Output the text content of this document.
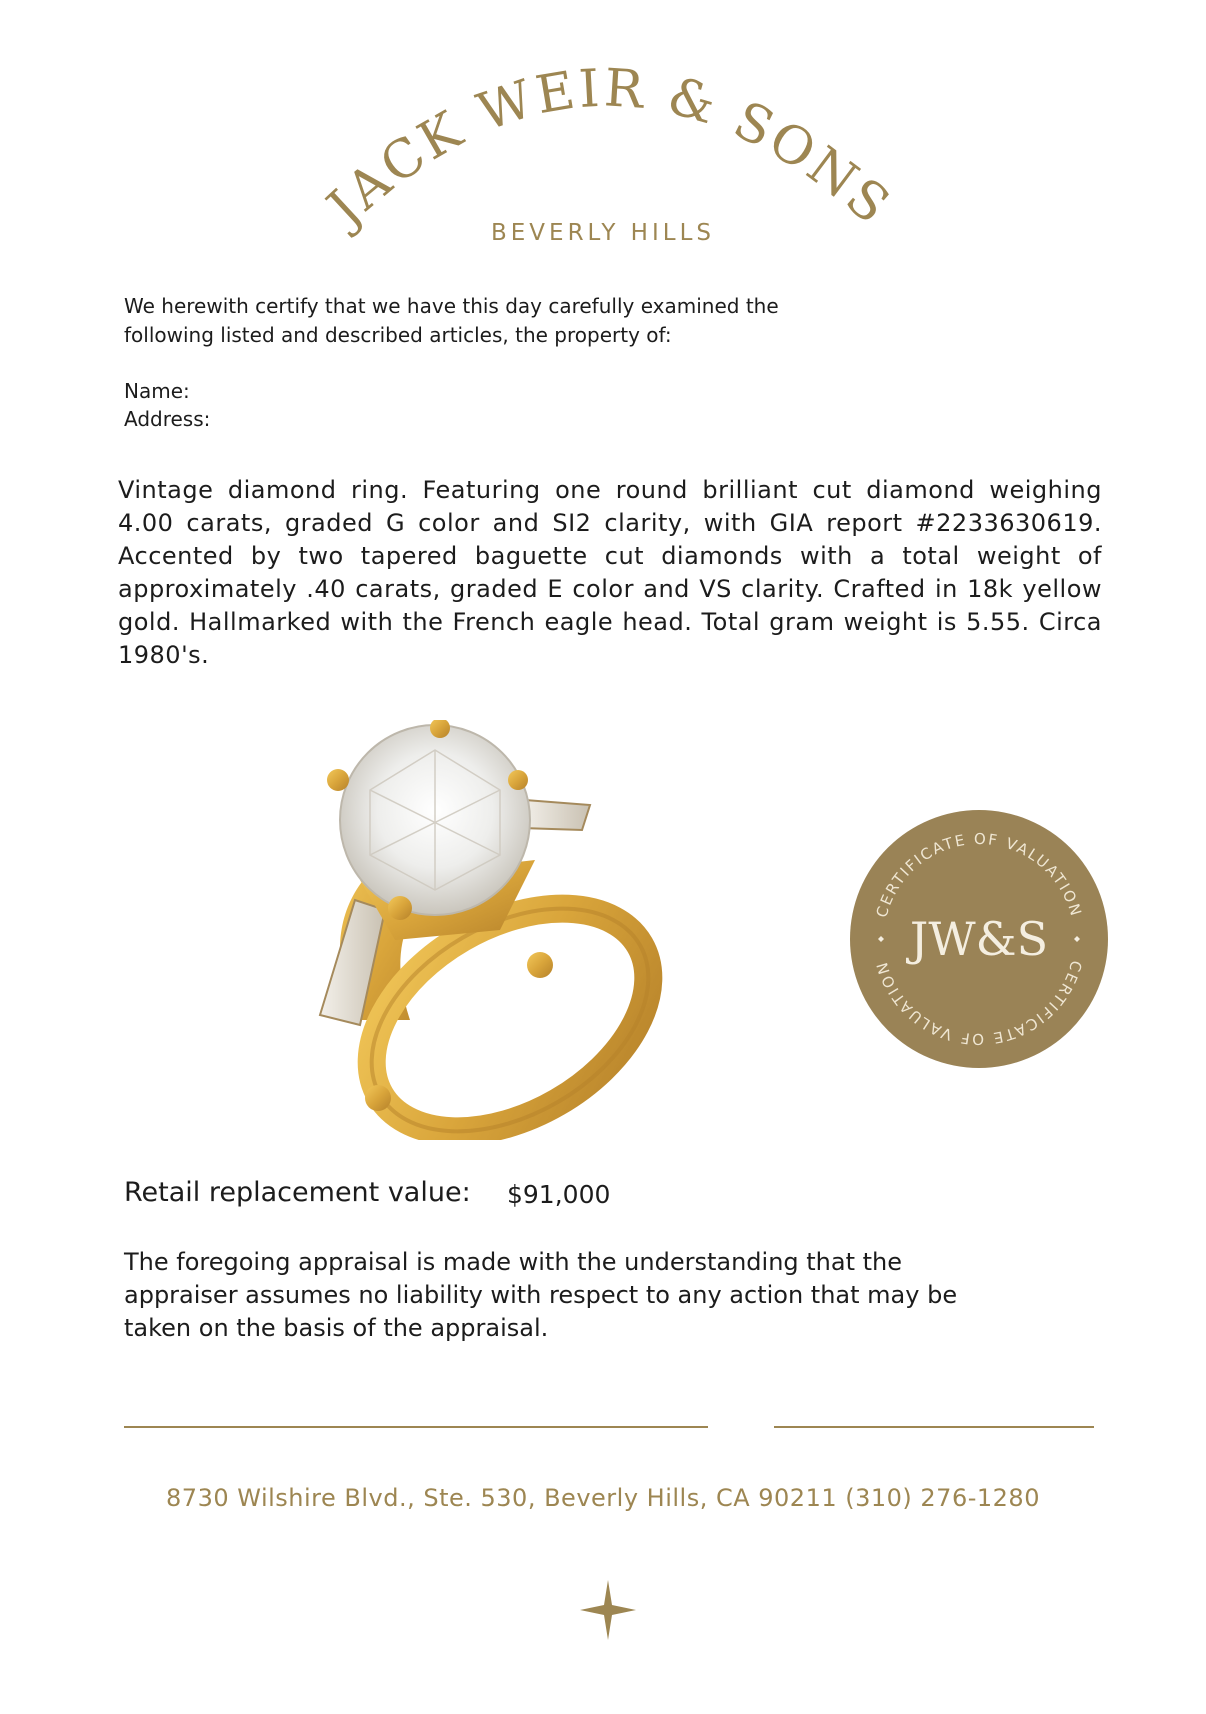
JACK WEIR & SONS
BEVERLY HILLS
We herewith certify that we have this day carefully examined the
following listed and described articles, the property of:
Name:
Address:
Vintage diamond ring. Featuring one round brilliant cut diamond weighing 4.00 carats, graded G color and SI2 clarity, with GIA report #2233630619. Accented by two tapered baguette cut diamonds with a total weight of approximately .40 carats, graded E color and VS clarity. Crafted in 18k yellow gold. Hallmarked with the French eagle head. Total gram weight is 5.55. Circa 1980's.
CERTIFICATE OF VALUATION
CERTIFICATE OF VALUATION
JW&S
Retail replacement value: $91,000
The foregoing appraisal is made with the understanding that the
appraiser assumes no liability with respect to any action that may be
taken on the basis of the appraisal.
8730 Wilshire Blvd., Ste. 530, Beverly Hills, CA 90211 (310) 276-1280
